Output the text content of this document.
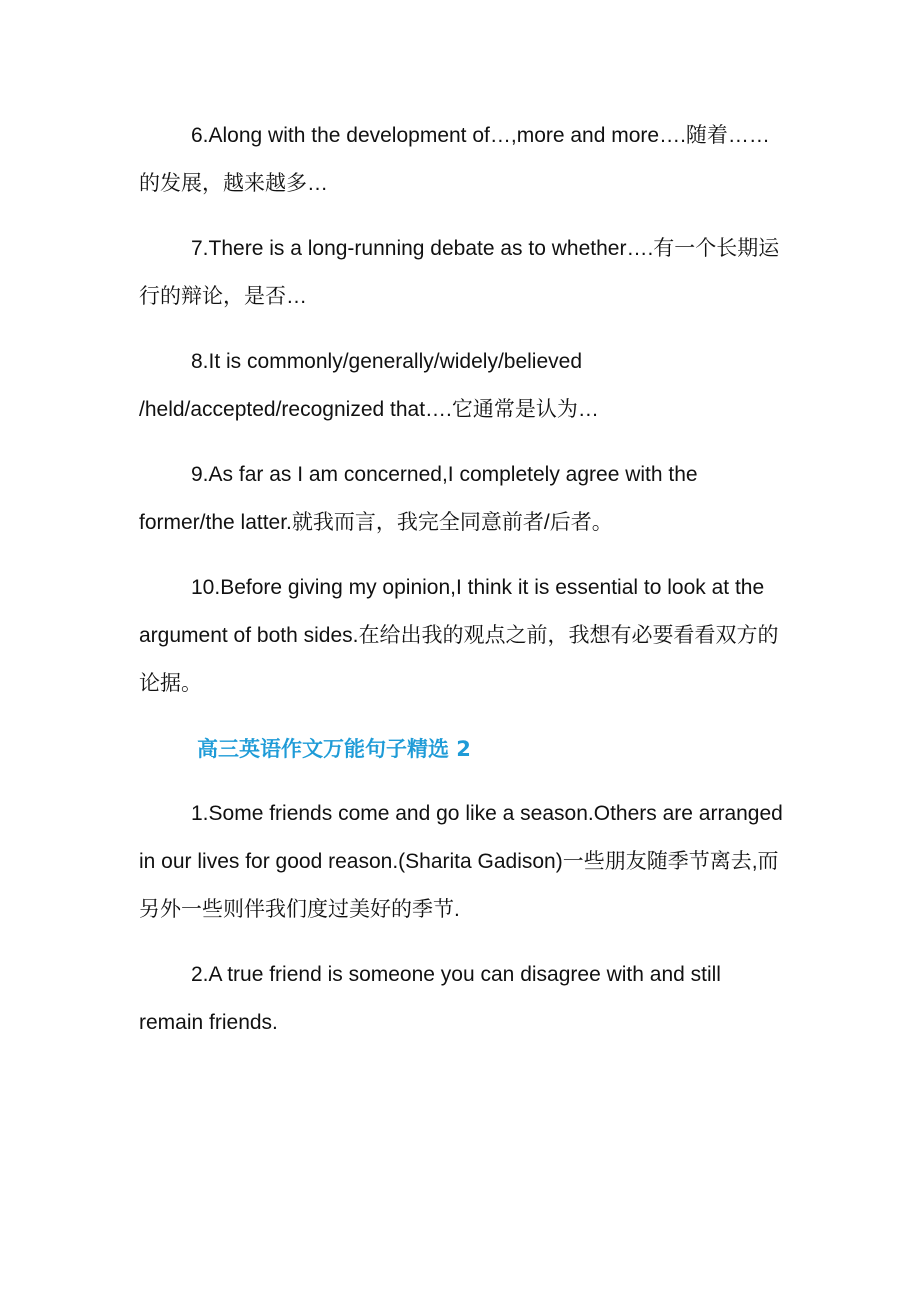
6.Along with the development of…,more and more….随着……的发展，越来越多…

7.There is a long-running debate as to whether….有一个长期运行的辩论，是否…

8.It is commonly/generally/widely/believed /held/accepted/recognized that….它通常是认为…

9.As far as I am concerned,I completely agree with the former/the latter.就我而言，我完全同意前者/后者。

10.Before giving my opinion,I think it is essential to look at the argument of both sides.在给出我的观点之前，我想有必要看看双方的论据。

高三英语作文万能句子精选 2

1.Some friends come and go like a season.Others are arranged in our lives for good reason.(Sharita Gadison)一些朋友随季节离去,而另外一些则伴我们度过美好的季节.

2.A true friend is someone you can disagree with and still remain friends.
